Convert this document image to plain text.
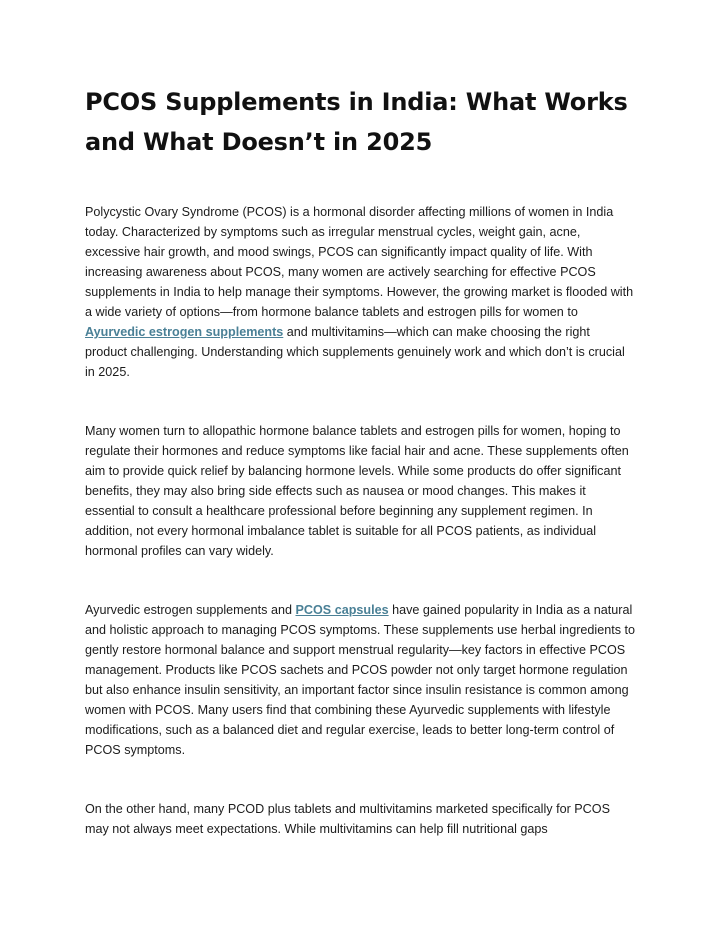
PCOS Supplements in India: What Works and What Doesn’t in 2025

Polycystic Ovary Syndrome (PCOS) is a hormonal disorder affecting millions of women in India today. Characterized by symptoms such as irregular menstrual cycles, weight gain, acne, excessive hair growth, and mood swings, PCOS can significantly impact quality of life. With increasing awareness about PCOS, many women are actively searching for effective PCOS supplements in India to help manage their symptoms. However, the growing market is flooded with a wide variety of options—from hormone balance tablets and estrogen pills for women to Ayurvedic estrogen supplements and multivitamins—which can make choosing the right product challenging. Understanding which supplements genuinely work and which don’t is crucial in 2025.

Many women turn to allopathic hormone balance tablets and estrogen pills for women, hoping to regulate their hormones and reduce symptoms like facial hair and acne. These supplements often aim to provide quick relief by balancing hormone levels. While some products do offer significant benefits, they may also bring side effects such as nausea or mood changes. This makes it essential to consult a healthcare professional before beginning any supplement regimen. In addition, not every hormonal imbalance tablet is suitable for all PCOS patients, as individual hormonal profiles can vary widely.

Ayurvedic estrogen supplements and PCOS capsules have gained popularity in India as a natural and holistic approach to managing PCOS symptoms. These supplements use herbal ingredients to gently restore hormonal balance and support menstrual regularity—key factors in effective PCOS management. Products like PCOS sachets and PCOS powder not only target hormone regulation but also enhance insulin sensitivity, an important factor since insulin resistance is common among women with PCOS. Many users find that combining these Ayurvedic supplements with lifestyle modifications, such as a balanced diet and regular exercise, leads to better long-term control of PCOS symptoms.

On the other hand, many PCOD plus tablets and multivitamins marketed specifically for PCOS may not always meet expectations. While multivitamins can help fill nutritional gaps
